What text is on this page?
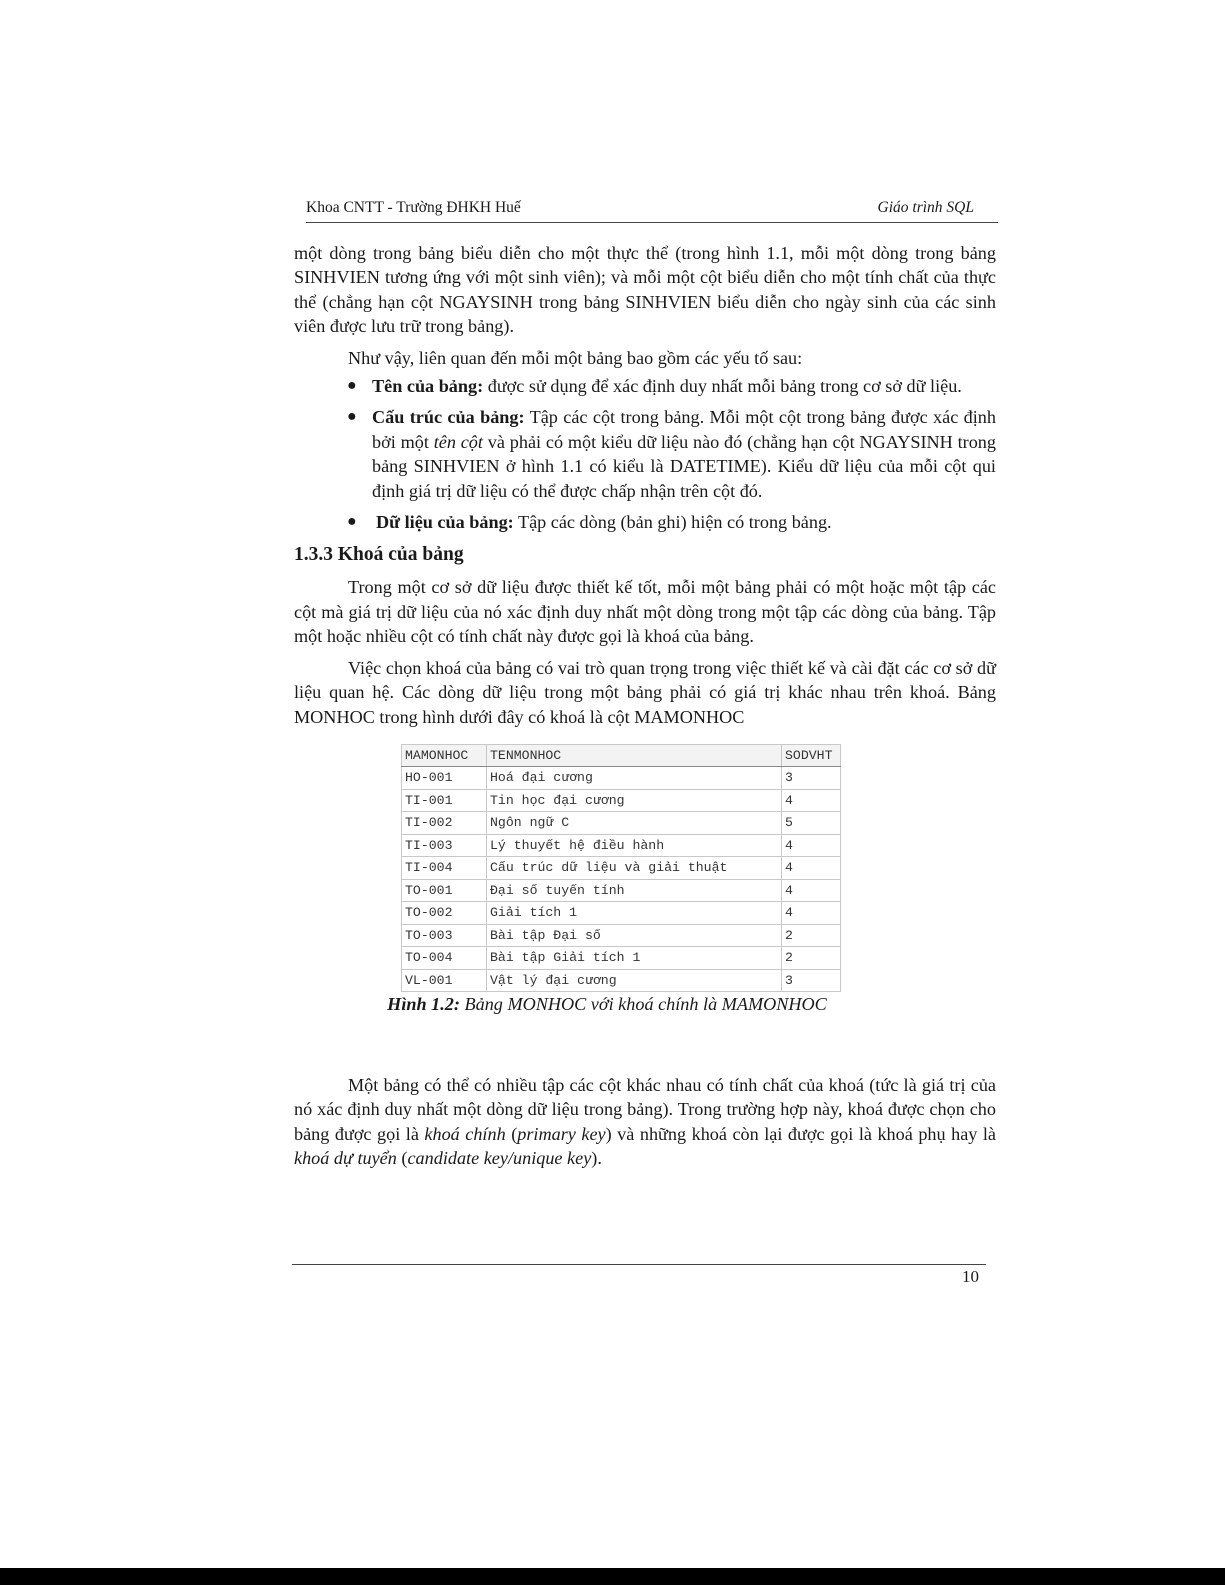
Khoa CNTT - Trường ĐHKH Huế	Giáo trình SQL

một dòng trong bảng biểu diễn cho một thực thể (trong hình 1.1, mỗi một dòng trong bảng SINHVIEN tương ứng với một sinh viên); và mỗi một cột biểu diễn cho một tính chất của thực thể (chẳng hạn cột NGAYSINH trong bảng SINHVIEN biểu diễn cho ngày sinh của các sinh viên được lưu trữ trong bảng).

Như vậy, liên quan đến mỗi một bảng bao gồm các yếu tố sau:

● Tên của bảng: được sử dụng để xác định duy nhất mỗi bảng trong cơ sở dữ liệu.
● Cấu trúc của bảng: Tập các cột trong bảng. Mỗi một cột trong bảng được xác định bởi một tên cột và phải có một kiểu dữ liệu nào đó (chẳng hạn cột NGAYSINH trong bảng SINHVIEN ở hình 1.1 có kiểu là DATETIME). Kiểu dữ liệu của mỗi cột qui định giá trị dữ liệu có thể được chấp nhận trên cột đó.
● Dữ liệu của bảng: Tập các dòng (bản ghi) hiện có trong bảng.
1.3.3 Khoá của bảng

Trong một cơ sở dữ liệu được thiết kế tốt, mỗi một bảng phải có một hoặc một tập các cột mà giá trị dữ liệu của nó xác định duy nhất một dòng trong một tập các dòng của bảng. Tập một hoặc nhiều cột có tính chất này được gọi là khoá của bảng.

Việc chọn khoá của bảng có vai trò quan trọng trong việc thiết kế và cài đặt các cơ sở dữ liệu quan hệ. Các dòng dữ liệu trong một bảng phải có giá trị khác nhau trên khoá. Bảng MONHOC trong hình dưới đây có khoá là cột MAMONHOC

MAMONHOC	TENMONHOC	SODVHT
HO-001	Hoá đại cương	3
TI-001	Tin học đại cương	4
TI-002	Ngôn ngữ C	5
TI-003	Lý thuyết hệ điều hành	4
TI-004	Cấu trúc dữ liệu và giải thuật	4
TO-001	Đại số tuyến tính	4
TO-002	Giải tích 1	4
TO-003	Bài tập Đại số	2
TO-004	Bài tập Giải tích 1	2
VL-001	Vật lý đại cương	3

Hình 1.2: Bảng MONHOC với khoá chính là MAMONHOC

Một bảng có thể có nhiều tập các cột khác nhau có tính chất của khoá (tức là giá trị của nó xác định duy nhất một dòng dữ liệu trong bảng). Trong trường hợp này, khoá được chọn cho bảng được gọi là khoá chính (primary key) và những khoá còn lại được gọi là khoá phụ hay là khoá dự tuyển (candidate key/unique key).

10
